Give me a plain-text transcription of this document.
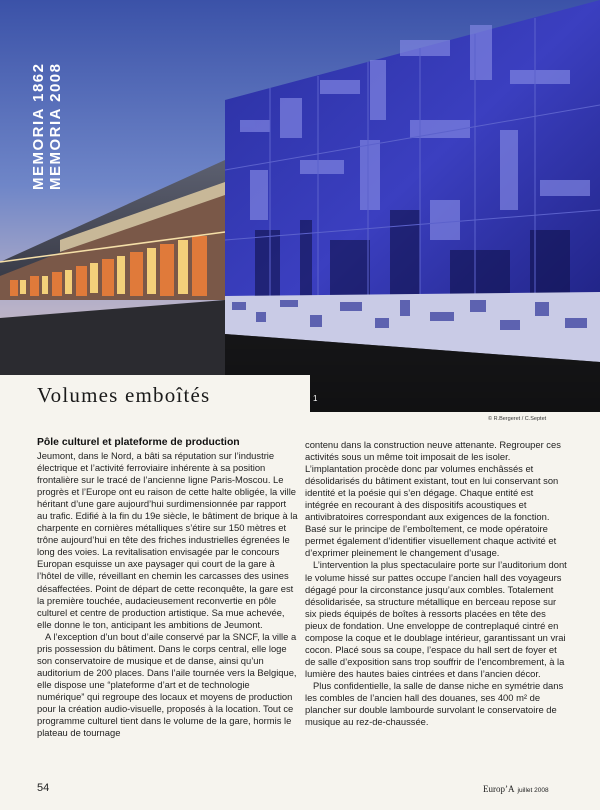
MEMORIA 1862 MEMORIA 2008
Volumes emboîtés	1
© R.Bergeret / C.Septet
Pôle culturel et plateforme de production

Jeumont, dans le Nord, a bâti sa réputation sur l’industrie électrique et l’activité ferroviaire inhérente à sa position frontalière sur le tracé de l’ancienne ligne Paris-Moscou. Le progrès et l’Europe ont eu raison de cette halte obligée, la ville héritant d’une gare aujourd’hui surdimensionnée par rapport au trafic. Edifié à la fin du 19e siècle, le bâtiment de brique à la charpente en cornières métalliques s’étire sur 150 mètres et trône aujourd’hui en tête des friches industrielles égrenées le long des voies. La revitalisation envisagée par le concours Europan esquisse un axe paysager qui court de la gare à l’hôtel de ville, réveillant en chemin les carcasses des usines désaffectées. Point de départ de cette reconquête, la gare est la première touchée, audacieusement reconvertie en pôle culturel et centre de production artistique. Sa mue achevée, elle donne le ton, anticipant les ambitions de Jeumont.

A l’exception d’un bout d’aile conservé par la SNCF, la ville a pris possession du bâtiment. Dans le corps central, elle loge son conservatoire de musique et de danse, ainsi qu’un auditorium de 200 places. Dans l’aile tournée vers la Belgique, elle dispose une “plateforme d’art et de technologie numérique” qui regroupe des locaux et moyens de production pour la création audio-visuelle, proposés à la location. Tout ce programme culturel tient dans le volume de la gare, hormis le plateau de tournage

contenu dans la construction neuve attenante. Regrouper ces activités sous un même toit imposait de les isoler. L’implantation procède donc par volumes enchâssés et désolidarisés du bâtiment existant, tout en lui conservant son identité et la poésie qui s’en dégage. Chaque entité est intégrée en recourant à des dispositifs acoustiques et antivibratoires correspondant aux exigences de la fonction. Basé sur le principe de l’emboîtement, ce mode opératoire permet également d’identifier visuellement chaque activité et d’exprimer pleinement le changement d’usage.

L’intervention la plus spectaculaire porte sur l’auditorium dont le volume hissé sur pattes occupe l’ancien hall des voyageurs dégagé pour la circonstance jusqu’aux combles. Totalement désolidarisée, sa structure métallique en berceau repose sur six pieds équipés de boîtes à ressorts placées en tête des pieux de fondation. Une enveloppe de contreplaqué cintré en compose la coque et le doublage intérieur, garantissant un vrai cocon. Placé sous sa coupe, l’espace du hall sert de foyer et de salle d’exposition sans trop souffrir de l’encombrement, à la lumière des hautes baies cintrées et dans l’ancien décor.

Plus confidentielle, la salle de danse niche en symétrie dans les combles de l’ancien hall des douanes, ses 400 m² de plancher sur double lambourde survolant le conservatoire de musique au rez-de-chaussée.

54	Europ’A juillet 2008
